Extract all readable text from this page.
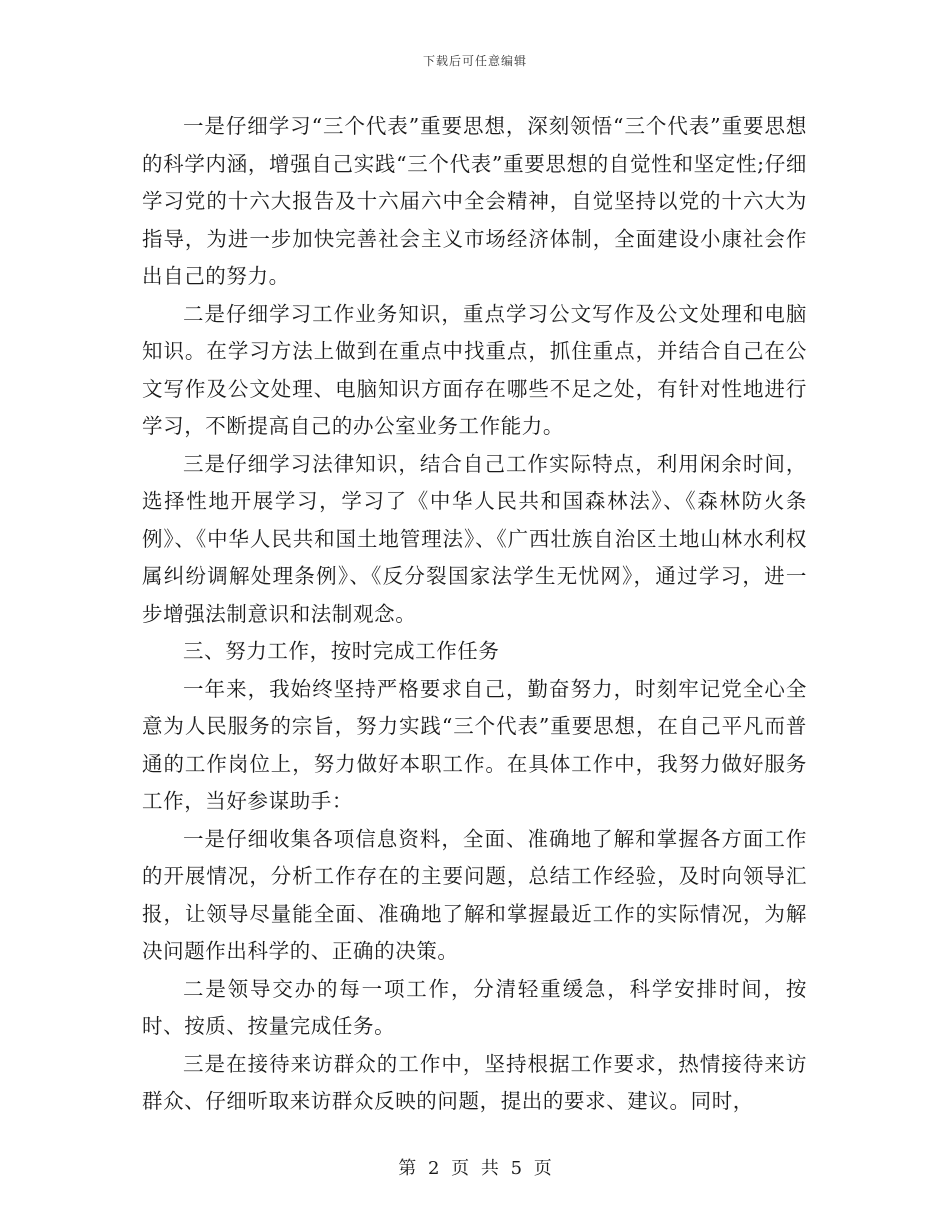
下载后可任意编辑

一是仔细学习“三个代表”重要思想，深刻领悟“三个代表”重要思想的科学内涵，增强自己实践“三个代表”重要思想的自觉性和坚定性;仔细学习党的十六大报告及十六届六中全会精神，自觉坚持以党的十六大为指导，为进一步加快完善社会主义市场经济体制，全面建设小康社会作出自己的努力。

二是仔细学习工作业务知识，重点学习公文写作及公文处理和电脑知识。在学习方法上做到在重点中找重点，抓住重点，并结合自己在公文写作及公文处理、电脑知识方面存在哪些不足之处，有针对性地进行学习，不断提高自己的办公室业务工作能力。

三是仔细学习法律知识，结合自己工作实际特点，利用闲余时间，选择性地开展学习，学习了《中华人民共和国森林法》、《森林防火条例》、《中华人民共和国土地管理法》、《广西壮族自治区土地山林水利权属纠纷调解处理条例》、《反分裂国家法学生无忧网》，通过学习，进一步增强法制意识和法制观念。

三、努力工作，按时完成工作任务

一年来，我始终坚持严格要求自己，勤奋努力，时刻牢记党全心全意为人民服务的宗旨，努力实践“三个代表”重要思想，在自己平凡而普通的工作岗位上，努力做好本职工作。在具体工作中，我努力做好服务工作，当好参谋助手：

一是仔细收集各项信息资料，全面、准确地了解和掌握各方面工作的开展情况，分析工作存在的主要问题，总结工作经验，及时向领导汇报，让领导尽量能全面、准确地了解和掌握最近工作的实际情况，为解决问题作出科学的、正确的决策。

二是领导交办的每一项工作，分清轻重缓急，科学安排时间，按时、按质、按量完成任务。

三是在接待来访群众的工作中，坚持根据工作要求，热情接待来访群众、仔细听取来访群众反映的问题，提出的要求、建议。同时，

第 2 页 共 5 页
